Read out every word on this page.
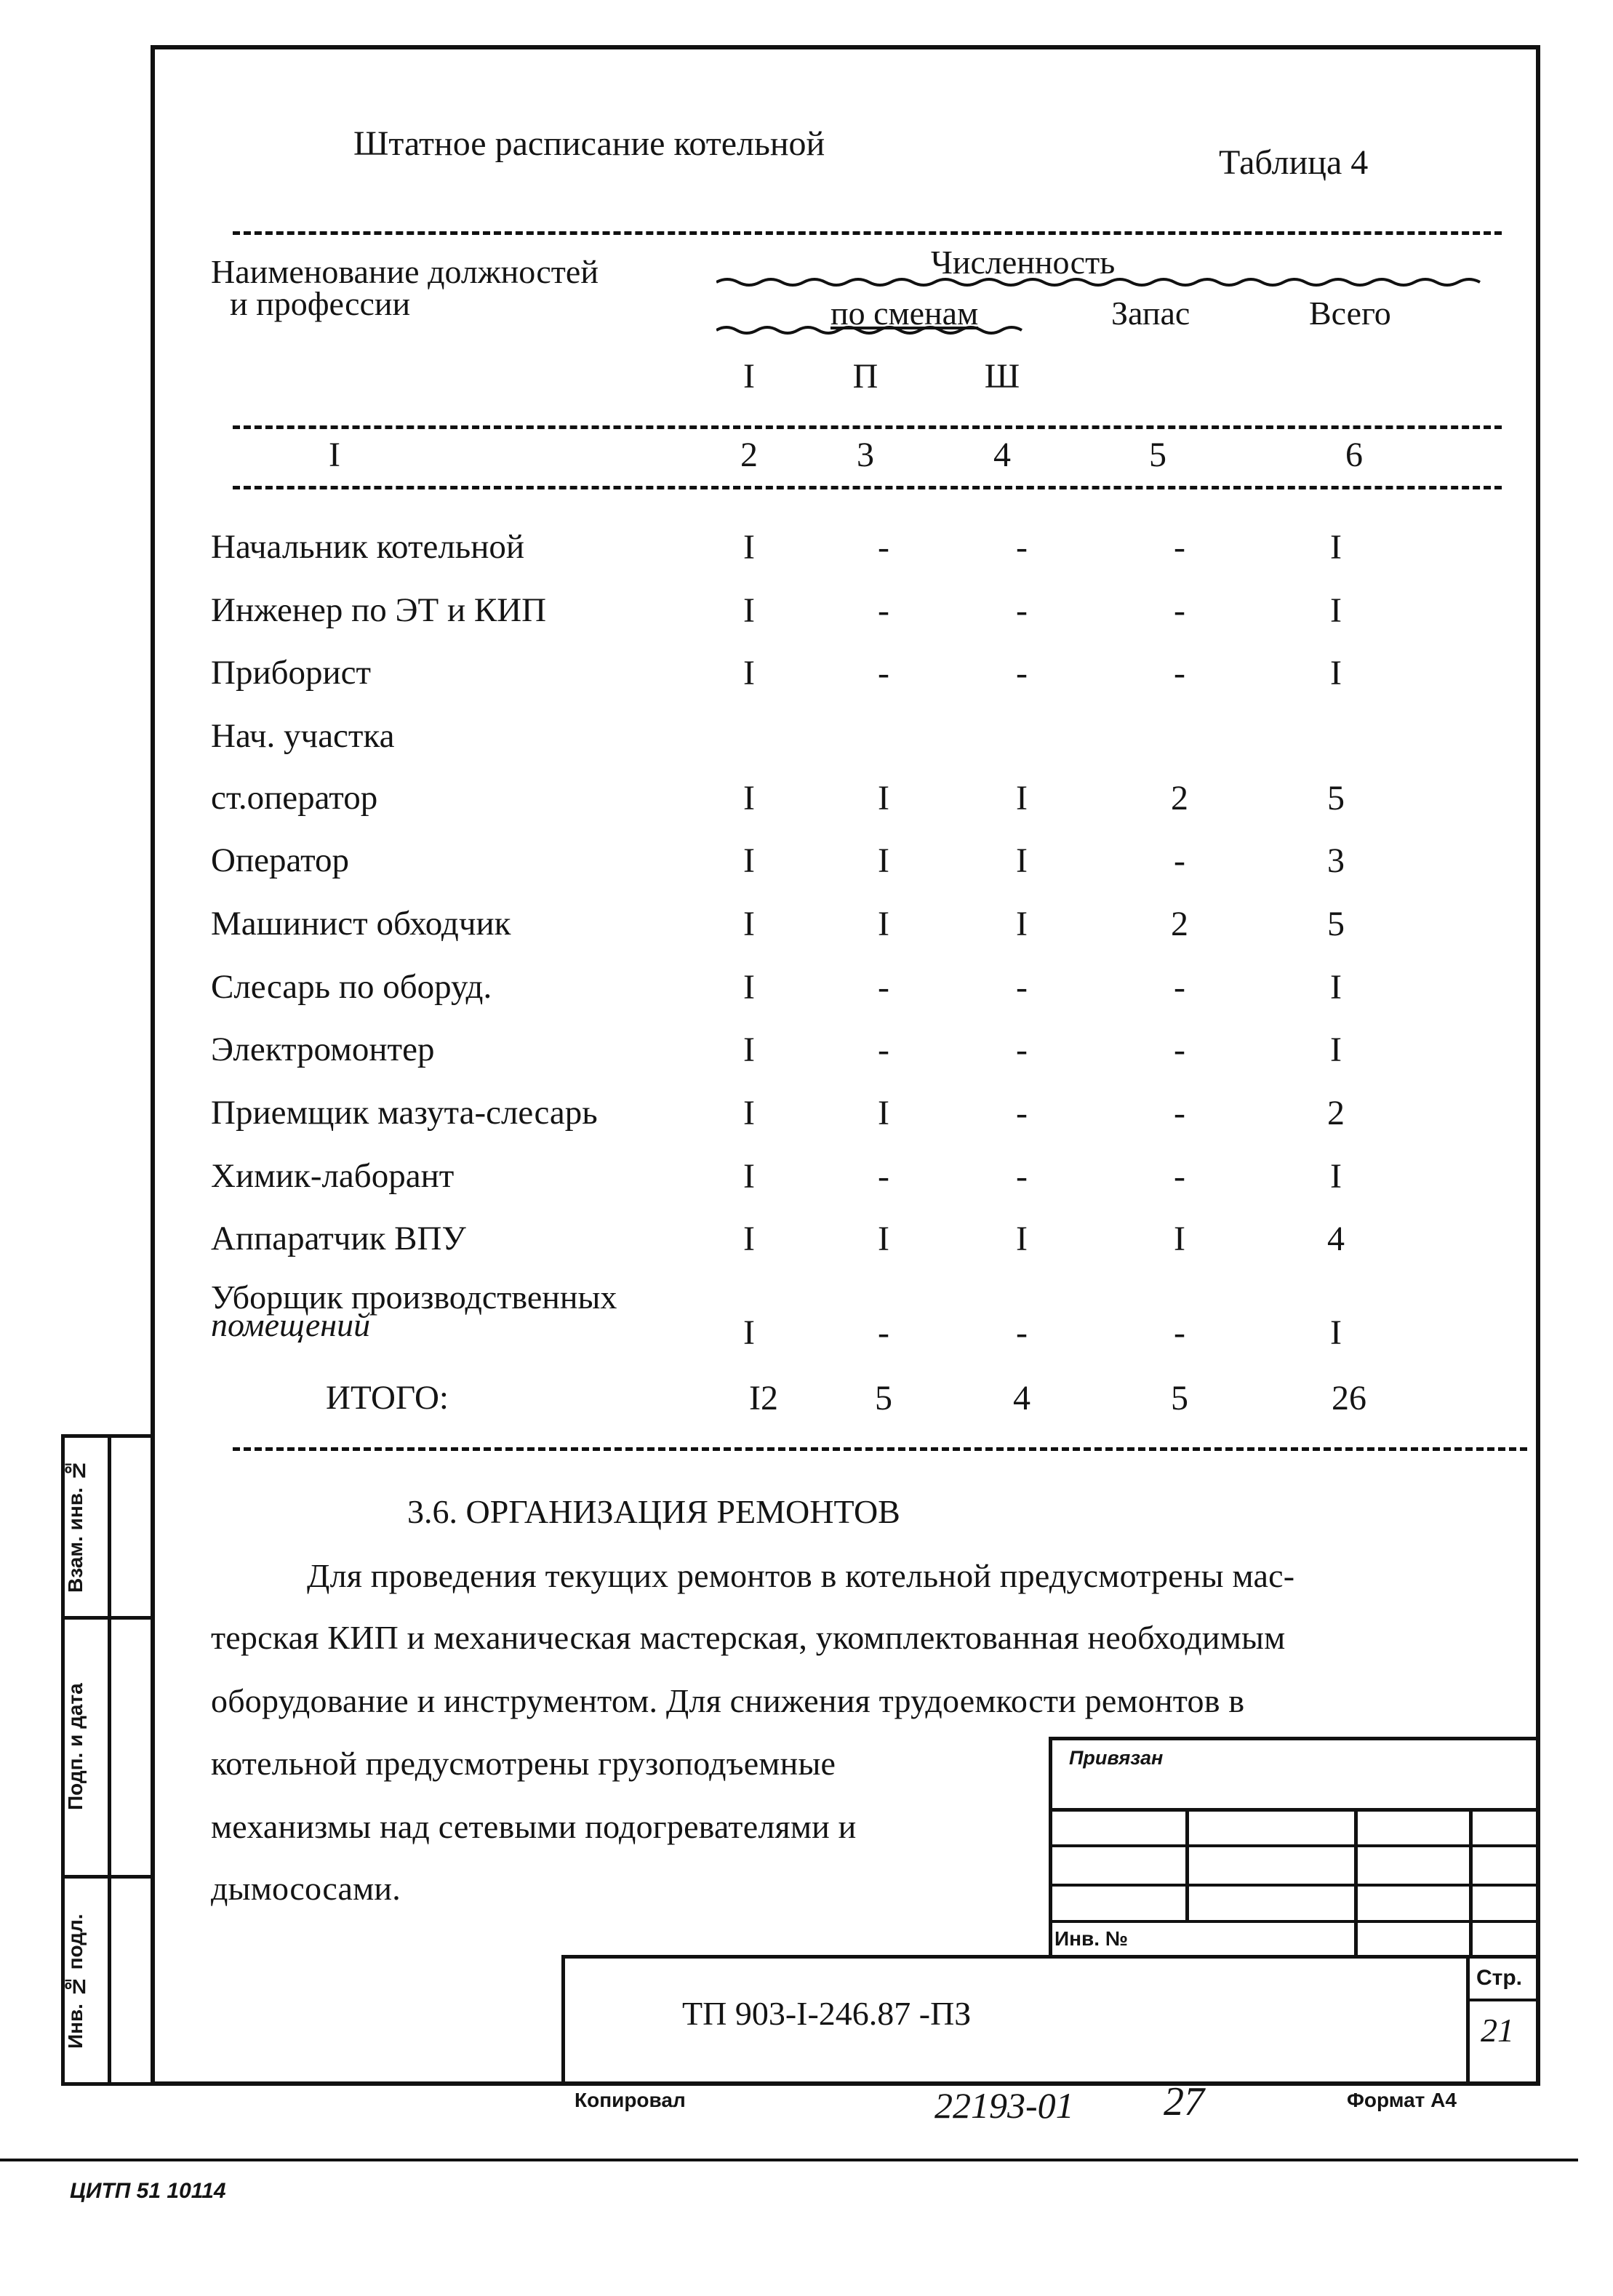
Штатное расписание котельной	Таблица 4
Наименование должностей
и профессии
Численность
по сменам	Запас	Всего
I	П	Ш
I	2	3	4	5	6
Начальник котельной	I	-	-	-	I
Инженер по ЭТ и КИП	I	-	-	-	I
Приборист	I	-	-	-	I
Нач. участка
ст.оператор	I	I	I	2	5
Оператор	I	I	I	-	3
Машинист обходчик	I	I	I	2	5
Слесарь по оборуд.	I	-	-	-	I
Электромонтер	I	-	-	-	I
Приемщик мазута-слесарь	I	I	-	-	2
Химик-лаборант	I	-	-	-	I
Аппаратчик ВПУ	I	I	I	I	4
Уборщик производственных
помещений	I	-	-	-	I
ИТОГО:	I2	5	4	5	26
3.6. ОРГАНИЗАЦИЯ РЕМОНТОВ
Для проведения текущих ремонтов в котельной предусмотрены мас-
терская КИП и механическая мастерская, укомплектованная необходимым
оборудование и инструментом. Для снижения трудоемкости ремонтов в
котельной предусмотрены грузоподъемные
механизмы над сетевыми подогревателями и
дымососами.
Взам. инв. №
Подп. и дата
Инв. № подл.
Привязан
Инв. №
ТП 903-I-246.87 -ПЗ
Стр.
21
Копировал	22193-01 27	Формат А4
ЦИТП 51 10114
